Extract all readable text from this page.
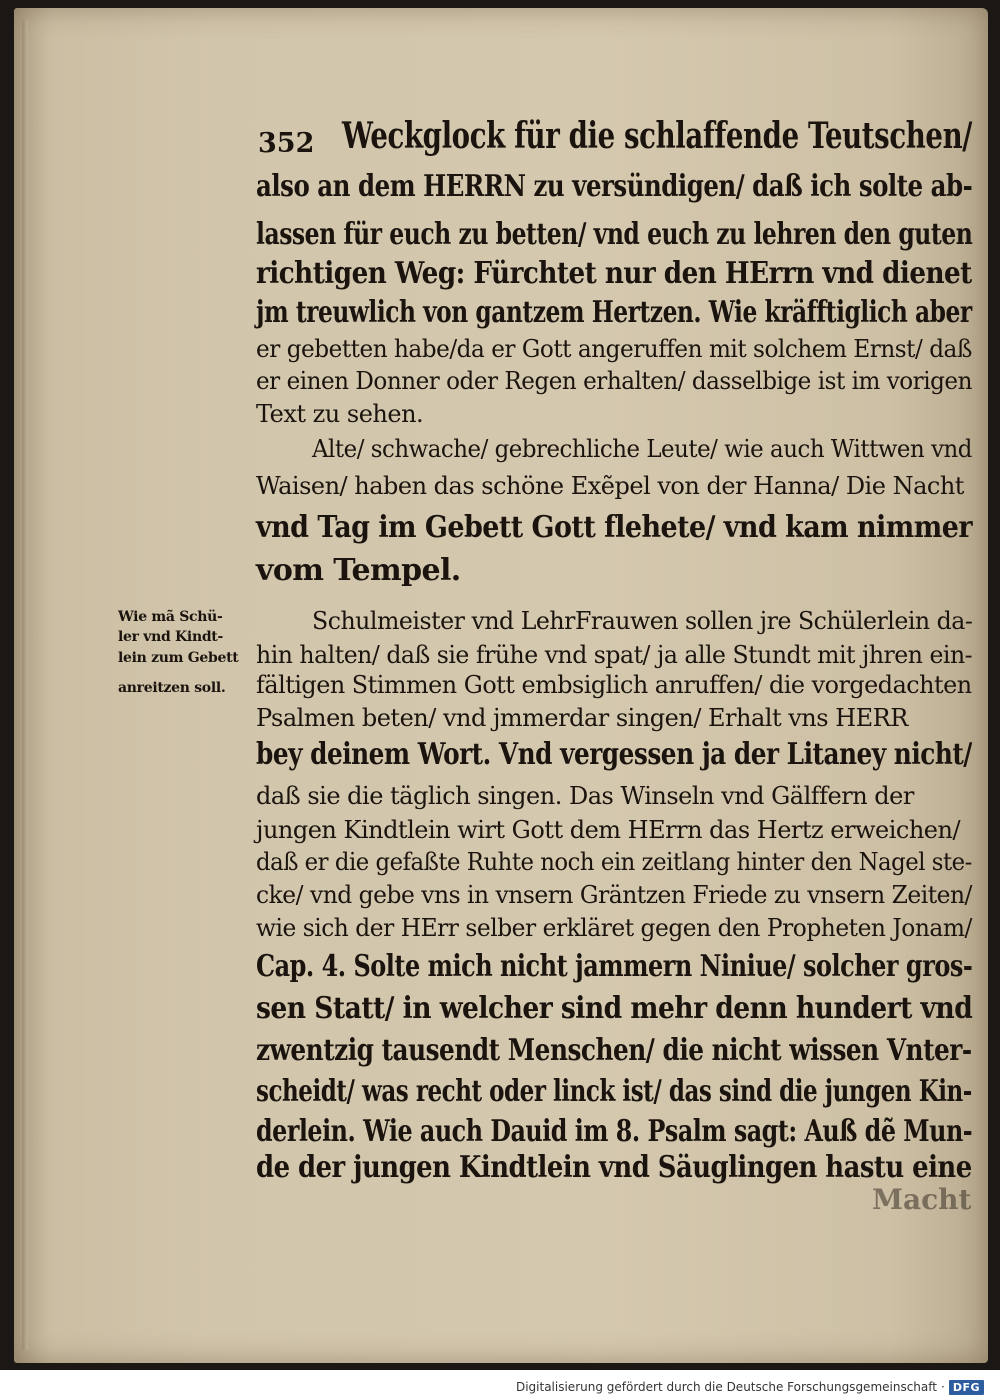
352 Weckglock für die schlaffende Teutschen/

Wie mã Schü-

ler vnd Kindt-

lein zum Gebett

anreitzen soll.

also an dem HERRN zu versündigen/ daß ich solte ab-

lassen für euch zu betten/ vnd euch zu lehren den guten

richtigen Weg: Fürchtet nur den HErrn vnd dienet

jm treuwlich von gantzem Hertzen. Wie kräfftiglich aber

er gebetten habe/da er Gott angeruffen mit solchem Ernst/ daß

er einen Donner oder Regen erhalten/ dasselbige ist im vorigen

Text zu sehen.

Alte/ schwache/ gebrechliche Leute/ wie auch Wittwen vnd

Waisen/ haben das schöne Exẽpel von der Hanna/ Die Nacht

vnd Tag im Gebett Gott flehete/ vnd kam nimmer

vom Tempel.

Schulmeister vnd LehrFrauwen sollen jre Schülerlein da-

hin halten/ daß sie frühe vnd spat/ ja alle Stundt mit jhren ein-

fältigen Stimmen Gott embsiglich anruffen/ die vorgedachten

Psalmen beten/ vnd jmmerdar singen/ Erhalt vns HERR

bey deinem Wort. Vnd vergessen ja der Litaney nicht/

daß sie die täglich singen. Das Winseln vnd Gälffern der

jungen Kindtlein wirt Gott dem HErrn das Hertz erweichen/

daß er die gefaßte Ruhte noch ein zeitlang hinter den Nagel ste-

cke/ vnd gebe vns in vnsern Gräntzen Friede zu vnsern Zeiten/

wie sich der HErr selber erkläret gegen den Propheten Jonam/

Cap. 4. Solte mich nicht jammern Niniue/ solcher gros-

sen Statt/ in welcher sind mehr denn hundert vnd

zwentzig tausendt Menschen/ die nicht wissen Vnter-

scheidt/ was recht oder linck ist/ das sind die jungen Kin-

derlein. Wie auch Dauid im 8. Psalm sagt: Auß dẽ Mun-

de der jungen Kindtlein vnd Säuglingen hastu eine

Macht

Digitalisierung gefördert durch die Deutsche Forschungsgemeinschaft · DFG
